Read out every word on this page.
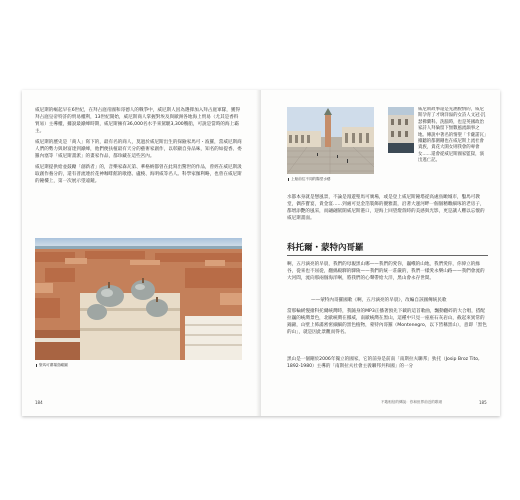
威尼斯的崛起早在6世紀，在拜占庭帝國和哥德人的戰爭中，威尼斯人因為選擇加入拜占庭軍隊，獲得拜占庭皇帝特許的貿易權利，13世紀開始，威尼斯商人掌握對埃及與歐洲各地海上貿易（尤其是香料貿易）主導權，據說最巔峰時期，威尼斯擁有36,000名水手來駕駛3,300艘船，可說是當時的海上霸主。

威尼斯的歷史是「商人」寫下的，最有名的商人，莫過於威尼斯出生的探險家馬可・波羅，當威尼斯商人們的勢力與財富達到巔峰，他們便扶植最有天分的藝術家創作，以彰顯自身品味，知名的如提香、委羅內塞等「威尼斯畫派」的畫家作品，都珍藏在這些宮內。

威尼斯提供給並鼓勵「創新者」的，音樂家森瓦第、華格納都曾在此寫出驚世的作品，曾經在威尼斯汲取創作養分的，還有普流連於花神咖啡館的歌德、盧梭、海明威等名人。科學家伽利略，也曾在威尼斯的鐘樓上，第一次展示望遠鏡。

聖馬可廣場鳥瞰圖
184
上船前往不同的陽堂水藝
威尼斯故事還是先涵脫情的，威尼斯孕育了才璃洋溢的女詩人文冠·沉瑟佛蘭科。洗腦時，也是英國政治家詩人拜倫留下無數風流韻事之地。傳說中著名的情聖「卡薩諾瓦」據聽的都圍剛也在威尼斯上流社會貴族，貴花大開女則我會的專會女……還會從威尼斯國家監獄，演出逃亡記。
水都本身就是戀風景，不論是漫遊聖馬可廣場，或是登上威尼斯鐘塔從高處鳥瞰城市，鑿馬可教堂，偶莎寶宴，貴金宴……到處可見金箔裝飾的優雅畫，沿著大運河畔一個個精雕細琢的老房子，都增添艷的風采，而翩翩駕開威尼斯港口，迎海上回望燈殼時的美感與光影，更是讓人難以忘懷的威尼斯畫面。
科托爾・蒙特內哥羅
啊，五月滴亮的早晨，我們的母親黑山哪——我們的愛你，巍峨的山地，我們愛你，你偉立的綠谷，從來也不屈從，翻綿殿驛的驛陵——我們的統一莊嚴的，我們一樣愛永樂山路——我們會流的大河間，流向那兩個海洋啊，將我們的心聲帶給大洋，黑山會永存世間。
——蒙特內哥羅國歌《啊，五月滴亮的早晨》，改編自該國傳統民歌
當那輪緩慢搶科托爾峽灣時，我隨身的MP3正播著預先下載的這首歌曲，飄動翻碎的大合唱，搭配拉巍的峽灣景色，北歐峽灣在挪威，南歐峽灣在黑山，這種中只見一座座石灰岩山，截起來異常的錦錦，山壁上佈滿密密細細的黑色植物，蒙特內哥羅（Montenegro，以下皆稱黑山），意即「黑色的山」，就是因此景觀而得名。
黑山是一個剛於2006年獨立的國家，它的前身是前南「南斯拉夫聯邦」狄托（Josip Broz Tito, 1892-1980）主導的「南斯拉夫社會主義聯邦共和國」的一分
不敢相信的傳說：你和世界前近的歌頌	185
